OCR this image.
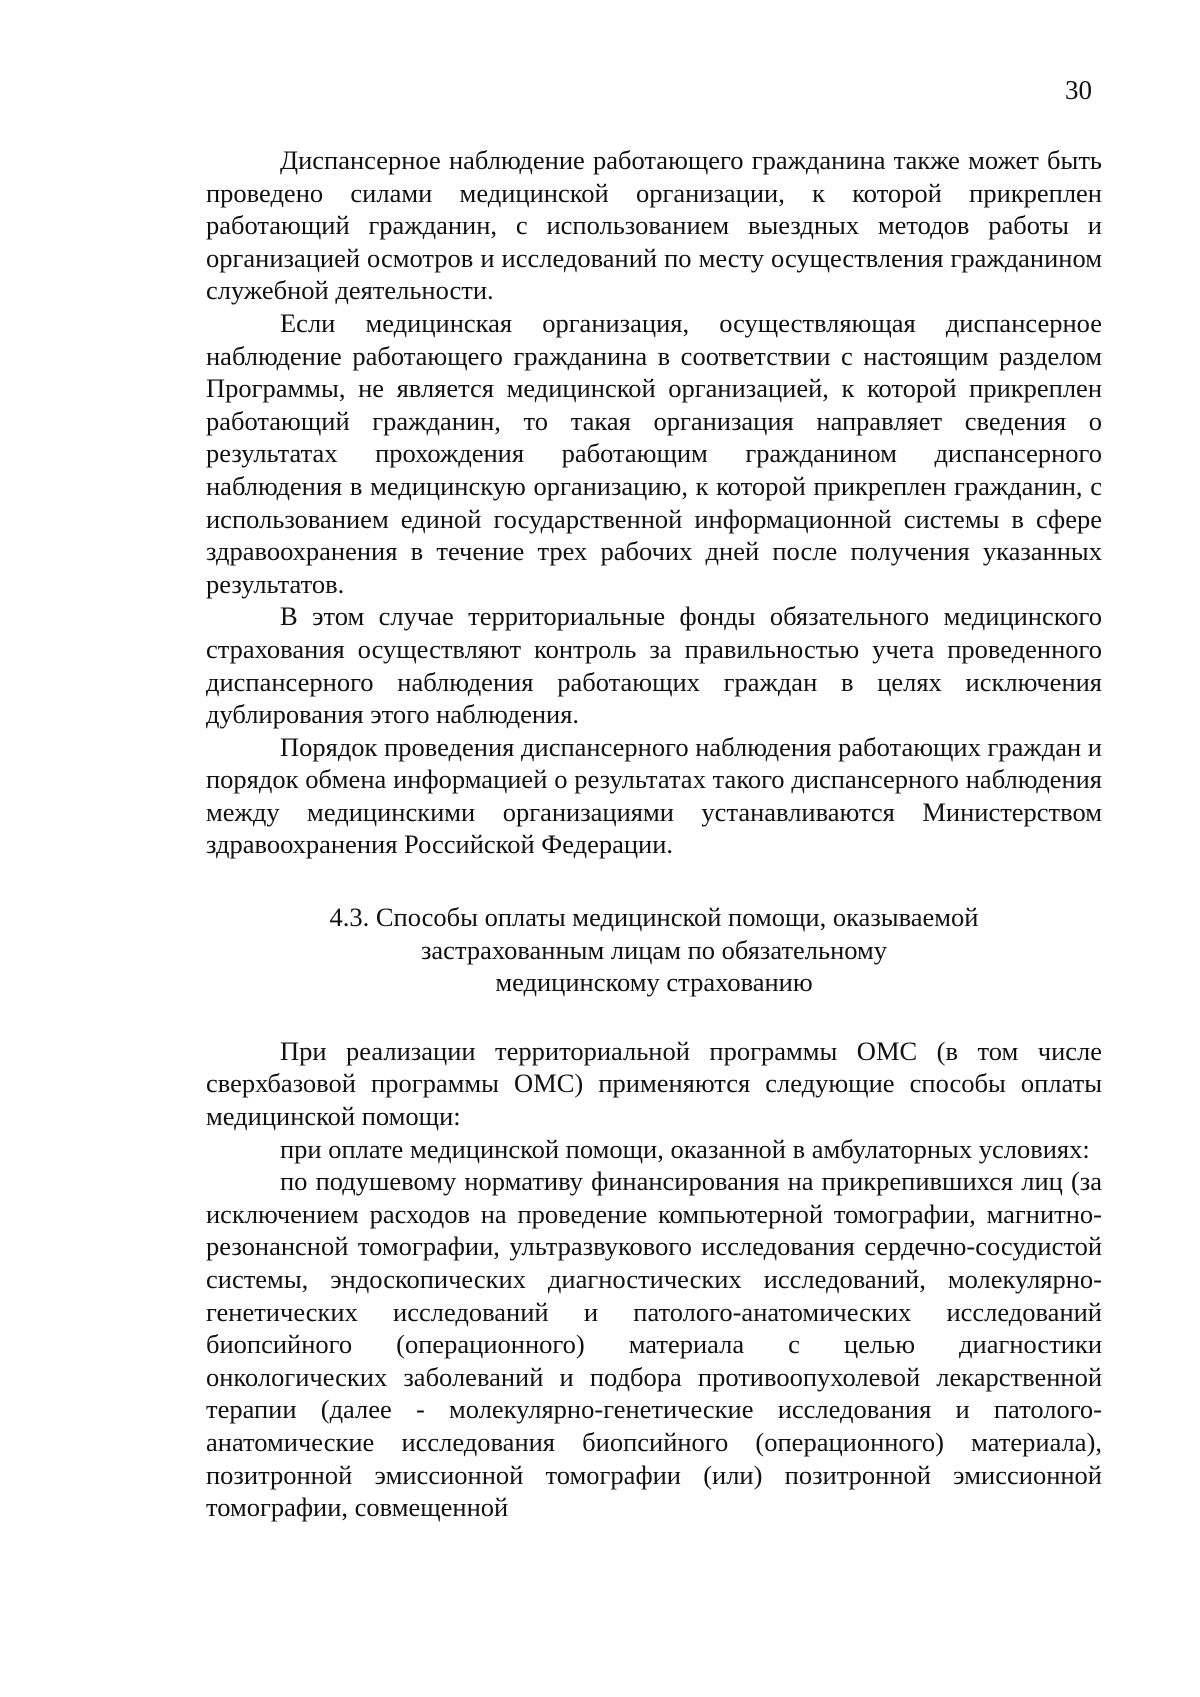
30

Диспансерное наблюдение работающего гражданина также может быть проведено силами медицинской организации, к которой прикреплен работающий гражданин, с использованием выездных методов работы и организацией осмотров и исследований по месту осуществления гражданином служебной деятельности.

Если медицинская организация, осуществляющая диспансерное наблюдение работающего гражданина в соответствии с настоящим разделом Программы, не является медицинской организацией, к которой прикреплен работающий гражданин, то такая организация направляет сведения о результатах прохождения работающим гражданином диспансерного наблюдения в медицинскую организацию, к которой прикреплен гражданин, с использованием единой государственной информационной системы в сфере здравоохранения в течение трех рабочих дней после получения указанных результатов.

В этом случае территориальные фонды обязательного медицинского страхования осуществляют контроль за правильностью учета проведенного диспансерного наблюдения работающих граждан в целях исключения дублирования этого наблюдения.

Порядок проведения диспансерного наблюдения работающих граждан и порядок обмена информацией о результатах такого диспансерного наблюдения между медицинскими организациями устанавливаются Министерством здравоохранения Российской Федерации.

4.3. Способы оплаты медицинской помощи, оказываемой
застрахованным лицам по обязательному
медицинскому страхованию

При реализации территориальной программы ОМС (в том числе сверхбазовой программы ОМС) применяются следующие способы оплаты медицинской помощи:

при оплате медицинской помощи, оказанной в амбулаторных условиях:

по подушевому нормативу финансирования на прикрепившихся лиц (за исключением расходов на проведение компьютерной томографии, магнитно-резонансной томографии, ультразвукового исследования сердечно-сосудистой системы, эндоскопических диагностических исследований, молекулярно-генетических исследований и патолого-анатомических исследований биопсийного (операционного) материала с целью диагностики онкологических заболеваний и подбора противоопухолевой лекарственной терапии (далее - молекулярно-генетические исследования и патолого-анатомические исследования биопсийного (операционного) материала), позитронной эмиссионной томографии (или) позитронной эмиссионной томографии, совмещенной
